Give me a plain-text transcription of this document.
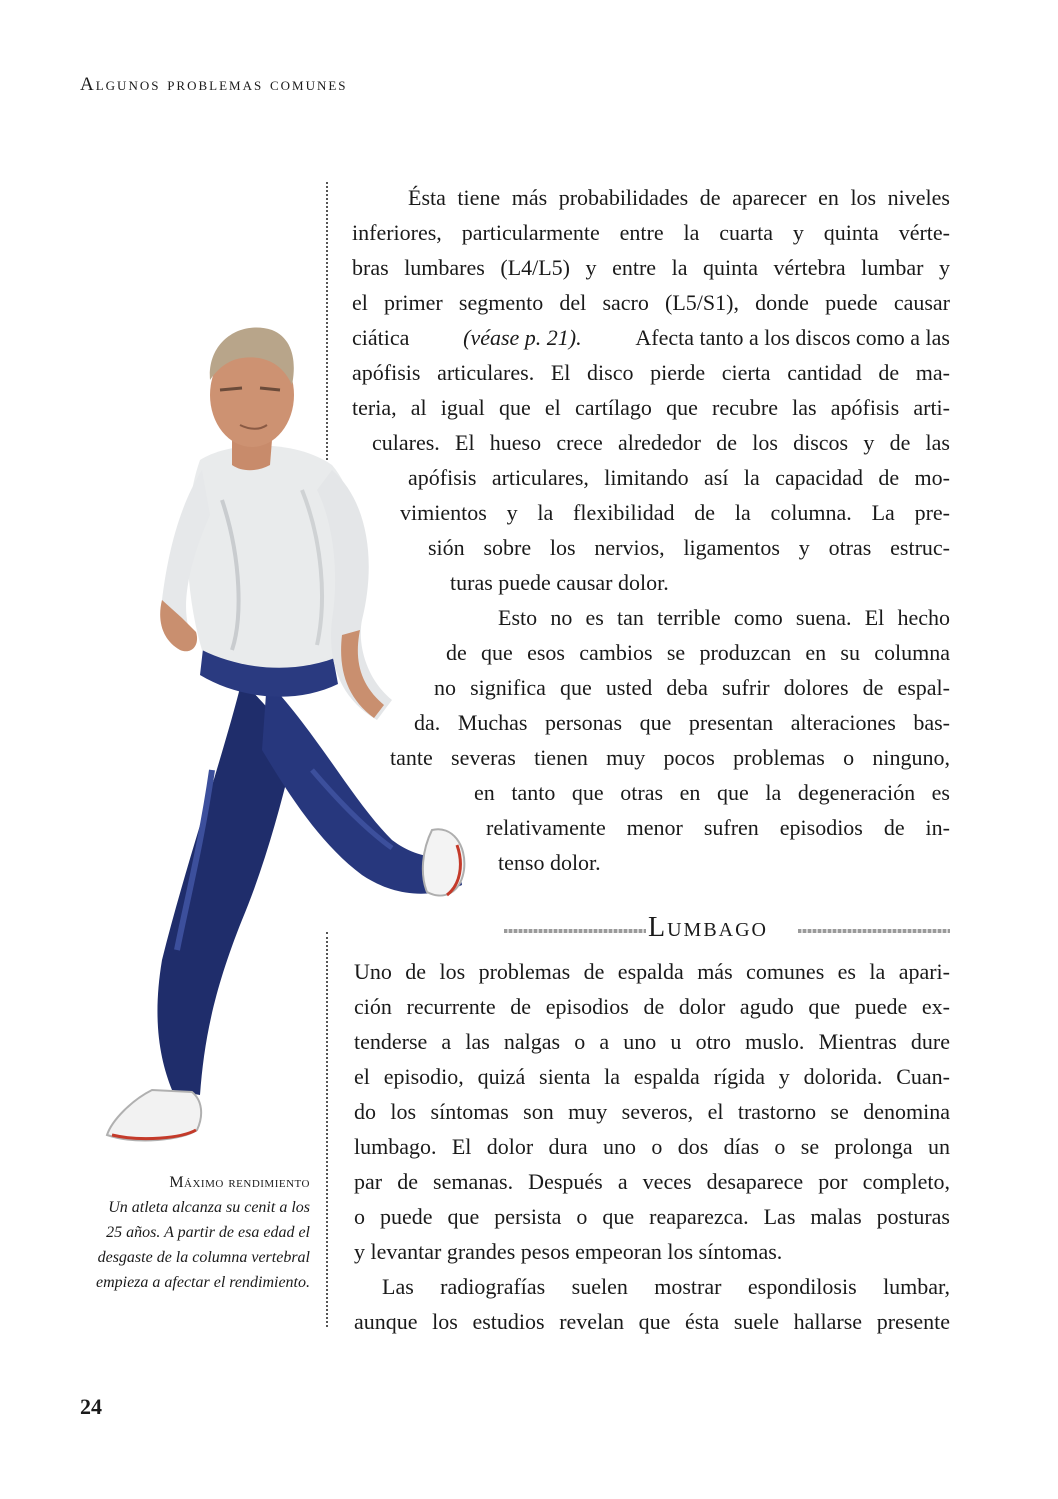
Algunos problemas comunes
Máximo rendimiento
Un atleta alcanza su cenit a los 25 años. A partir de esa edad el desgaste de la columna vertebral empieza a afectar el rendimiento.
Ésta tiene más probabilidades de aparecer en los niveles
inferiores, particularmente entre la cuarta y quinta vérte-
bras lumbares (L4/L5) y entre la quinta vértebra lumbar y
el primer segmento del sacro (L5/S1), donde puede causar
ciática (véase p. 21). Afecta tanto a los discos como a las
apófisis articulares. El disco pierde cierta cantidad de ma-
teria, al igual que el cartílago que recubre las apófisis arti-
culares. El hueso crece alrededor de los discos y de las
apófisis articulares, limitando así la capacidad de mo-
vimientos y la flexibilidad de la columna. La pre-
sión sobre los nervios, ligamentos y otras estruc-
turas puede causar dolor.
Esto no es tan terrible como suena. El hecho
de que esos cambios se produzcan en su columna
no significa que usted deba sufrir dolores de espal-
da. Muchas personas que presentan alteraciones bas-
tante severas tienen muy pocos problemas o ninguno,
en tanto que otras en que la degeneración es
relativamente menor sufren episodios de in-
tenso dolor.
Lumbago
Uno de los problemas de espalda más comunes es la apari-
ción recurrente de episodios de dolor agudo que puede ex-
tenderse a las nalgas o a uno u otro muslo. Mientras dure
el episodio, quizá sienta la espalda rígida y dolorida. Cuan-
do los síntomas son muy severos, el trastorno se denomina
lumbago. El dolor dura uno o dos días o se prolonga un
par de semanas. Después a veces desaparece por completo,
o puede que persista o que reaparezca. Las malas posturas
y levantar grandes pesos empeoran los síntomas.
Las radiografías suelen mostrar espondilosis lumbar,
aunque los estudios revelan que ésta suele hallarse presente
24
